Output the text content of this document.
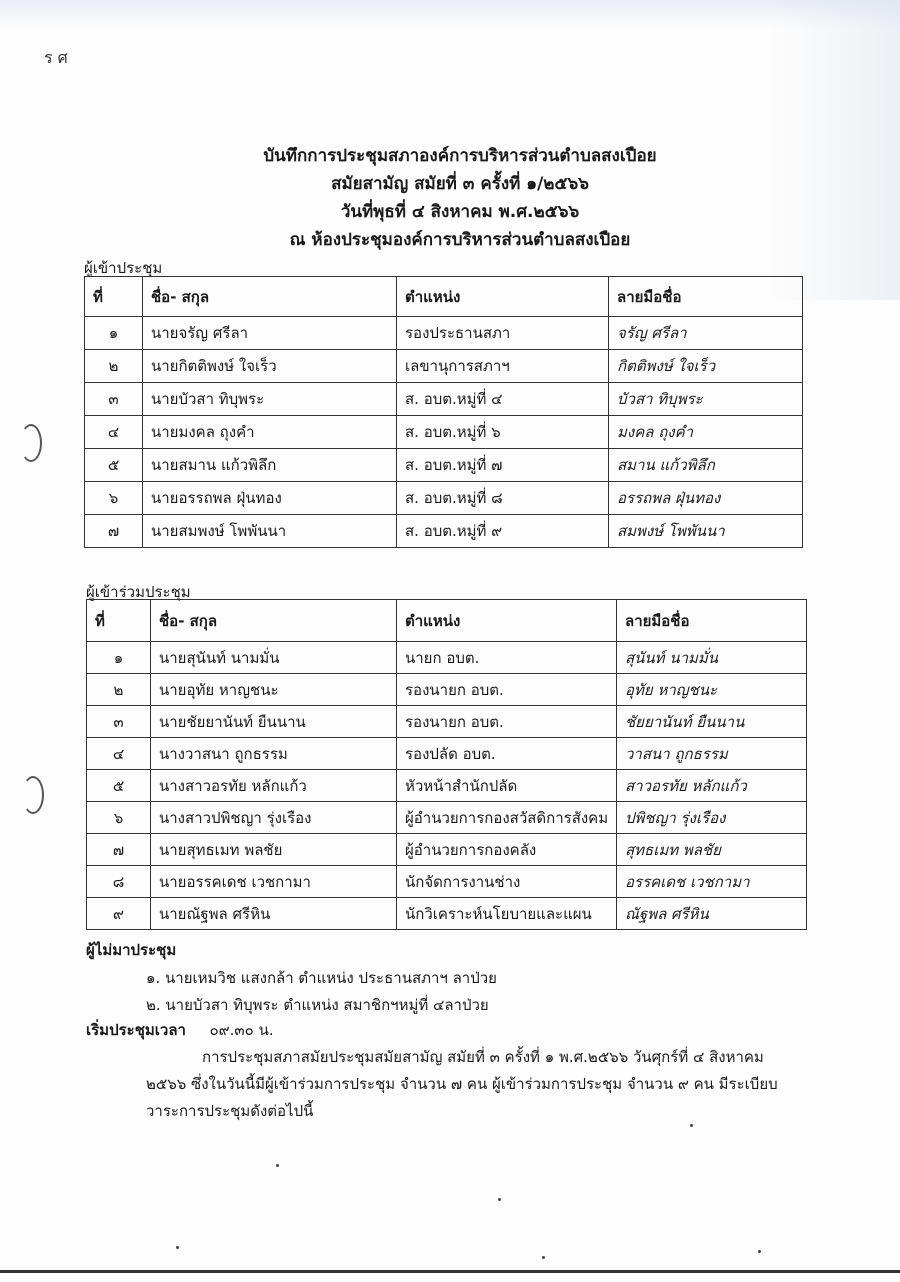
ร ศ
บันทึกการประชุมสภาองค์การบริหารส่วนตำบลสงเปือย
สมัยสามัญ สมัยที่ ๓ ครั้งที่ ๑/๒๕๖๖
วันที่พุธที่ ๔ สิงหาคม พ.ศ.๒๕๖๖
ณ ห้องประชุมองค์การบริหารส่วนตำบลสงเปือย
ผู้เข้าประชุม
ที่	ชื่อ- สกุล	ตำแหน่ง	ลายมือชื่อ
๑	นายจรัญ ศรีลา	รองประธานสภา	จรัญ ศรีลา
๒	นายกิตติพงษ์ ใจเร็ว	เลขานุการสภาฯ	กิตติพงษ์ ใจเร็ว
๓	นายบัวสา ทิบุพระ	ส. อบต.หมู่ที่ ๔	บัวสา ทิบุพระ
๔	นายมงคล ถุงคำ	ส. อบต.หมู่ที่ ๖	มงคล ถุงคำ
๕	นายสมาน แก้วพิลึก	ส. อบต.หมู่ที่ ๗	สมาน แก้วพิลึก
๖	นายอรรถพล ฝุ่นทอง	ส. อบต.หมู่ที่ ๘	อรรถพล ฝุ่นทอง
๗	นายสมพงษ์ โพพันนา	ส. อบต.หมู่ที่ ๙	สมพงษ์ โพพันนา
ผู้เข้าร่วมประชุม
ที่	ชื่อ- สกุล	ตำแหน่ง	ลายมือชื่อ
๑	นายสุนันท์ นามมั่น	นายก อบต.	สุนันท์ นามมั่น
๒	นายอุทัย หาญชนะ	รองนายก อบต.	อุทัย หาญชนะ
๓	นายชัยยานันท์ ยืนนาน	รองนายก อบต.	ชัยยานันท์ ยืนนาน
๔	นางวาสนา ถูกธรรม	รองปลัด อบต.	วาสนา ถูกธรรม
๕	นางสาวอรทัย หลักแก้ว	หัวหน้าสำนักปลัด	สาวอรทัย หลักแก้ว
๖	นางสาวปพิชญา รุ่งเรือง	ผู้อำนวยการกองสวัสดิการสังคม	ปพิชญา รุ่งเรือง
๗	นายสุทธเมท พลชัย	ผู้อำนวยการกองคลัง	สุทธเมท พลชัย
๘	นายอรรคเดช เวชกามา	นักจัดการงานช่าง	อรรคเดช เวชกามา
๙	นายณัฐพล ศรีหิน	นักวิเคราะห์นโยบายและแผน	ณัฐพล ศรีหิน
ผู้ไม่มาประชุม
๑. นายเหมวิช แสงกล้า ตำแหน่ง ประธานสภาฯ ลาป่วย
๒. นายบัวสา ทิบุพระ ตำแหน่ง สมาชิกฯหมู่ที่ ๔ลาป่วย
เริ่มประชุมเวลา ๐๙.๓๐ น.
การประชุมสภาสมัยประชุมสมัยสามัญ สมัยที่ ๓ ครั้งที่ ๑ พ.ศ.๒๕๖๖ วันศุกร์ที่ ๔ สิงหาคม
๒๕๖๖ ซึ่งในวันนี้มีผู้เข้าร่วมการประชุม จำนวน ๗ คน ผู้เข้าร่วมการประชุม จำนวน ๙ คน มีระเบียบ
วาระการประชุมดังต่อไปนี้
